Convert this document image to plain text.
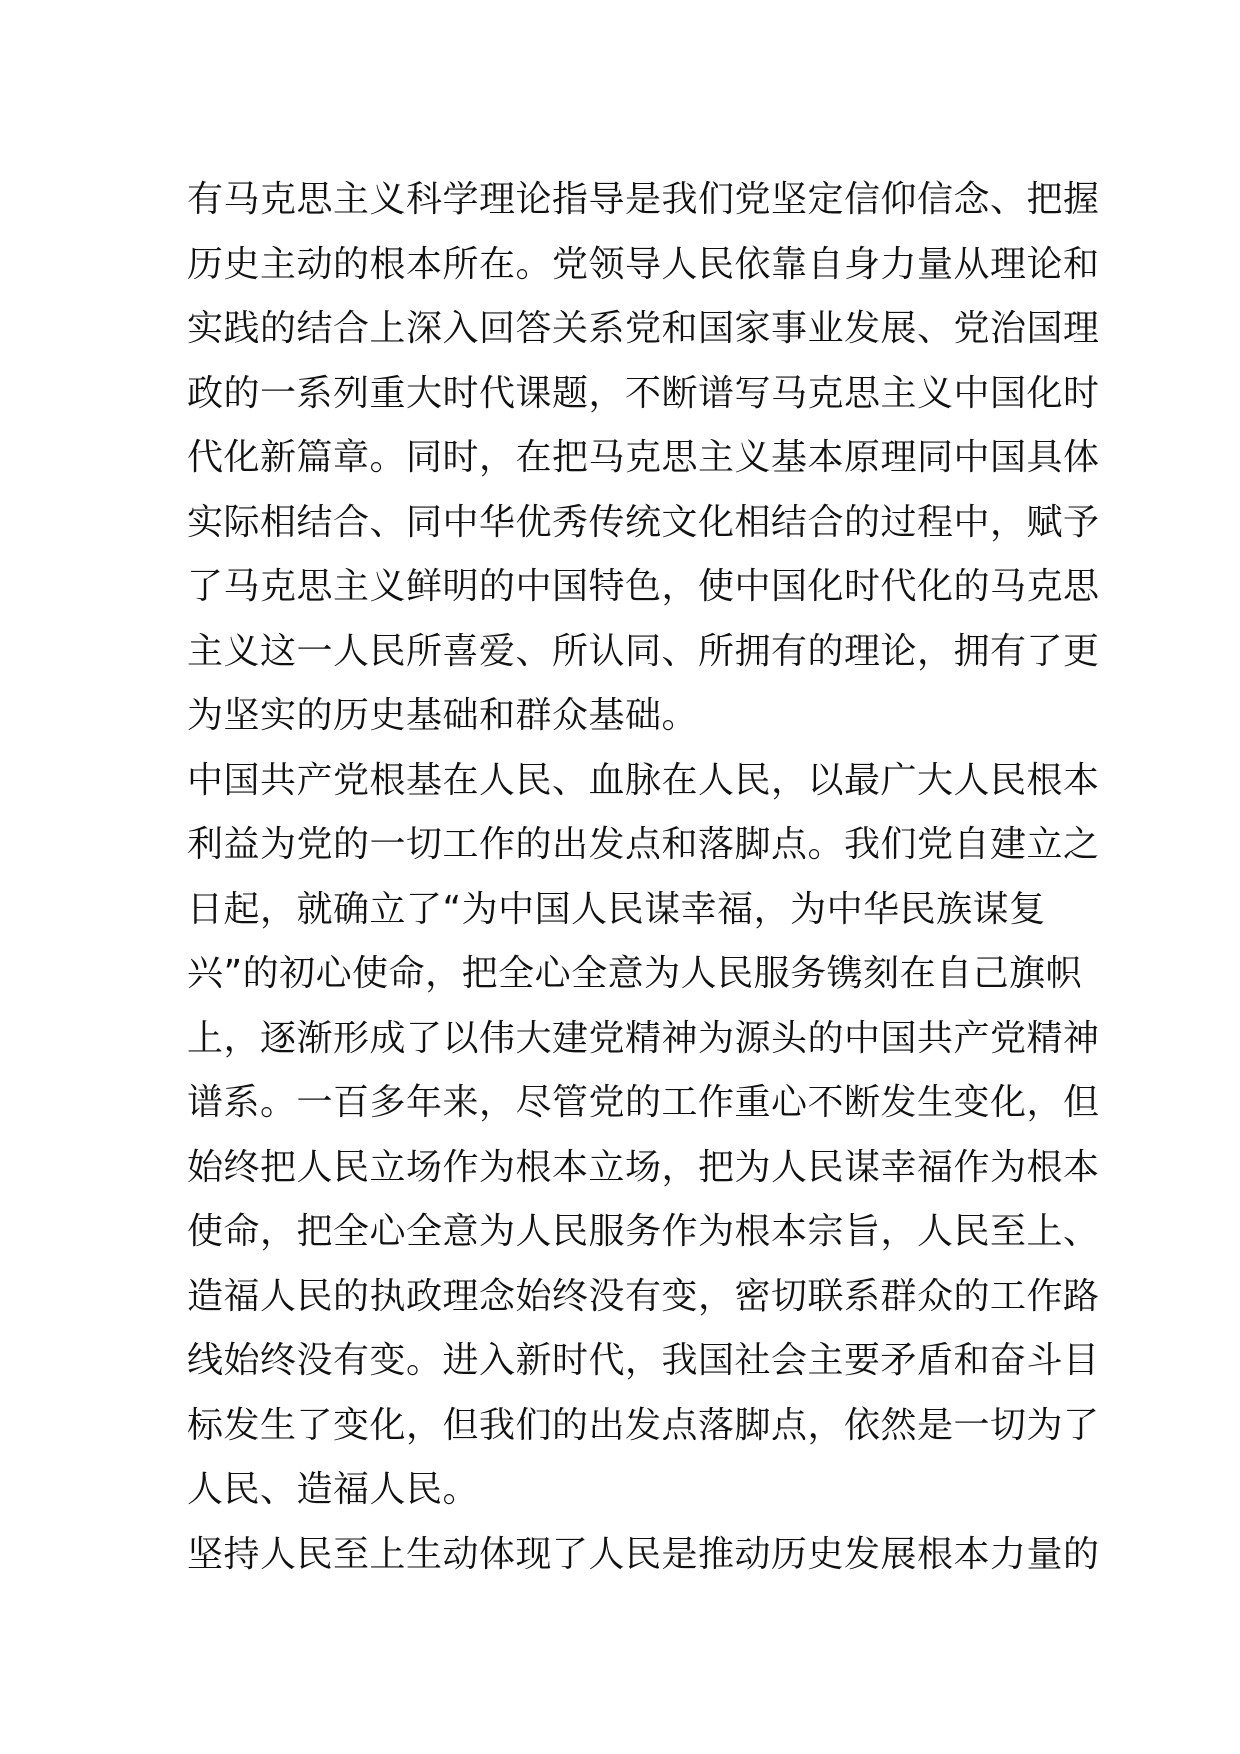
有马克思主义科学理论指导是我们党坚定信仰信念、把握
历史主动的根本所在。党领导人民依靠自身力量从理论和
实践的结合上深入回答关系党和国家事业发展、党治国理
政的一系列重大时代课题，不断谱写马克思主义中国化时
代化新篇章。同时，在把马克思主义基本原理同中国具体
实际相结合、同中华优秀传统文化相结合的过程中，赋予
了马克思主义鲜明的中国特色，使中国化时代化的马克思
主义这一人民所喜爱、所认同、所拥有的理论，拥有了更
为坚实的历史基础和群众基础。
中国共产党根基在人民、血脉在人民，以最广大人民根本
利益为党的一切工作的出发点和落脚点。我们党自建立之
日起，就确立了“为中国人民谋幸福，为中华民族谋复
兴”的初心使命，把全心全意为人民服务镌刻在自己旗帜
上，逐渐形成了以伟大建党精神为源头的中国共产党精神
谱系。一百多年来，尽管党的工作重心不断发生变化，但
始终把人民立场作为根本立场，把为人民谋幸福作为根本
使命，把全心全意为人民服务作为根本宗旨，人民至上、
造福人民的执政理念始终没有变，密切联系群众的工作路
线始终没有变。进入新时代，我国社会主要矛盾和奋斗目
标发生了变化，但我们的出发点落脚点，依然是一切为了
人民、造福人民。
坚持人民至上生动体现了人民是推动历史发展根本力量的
